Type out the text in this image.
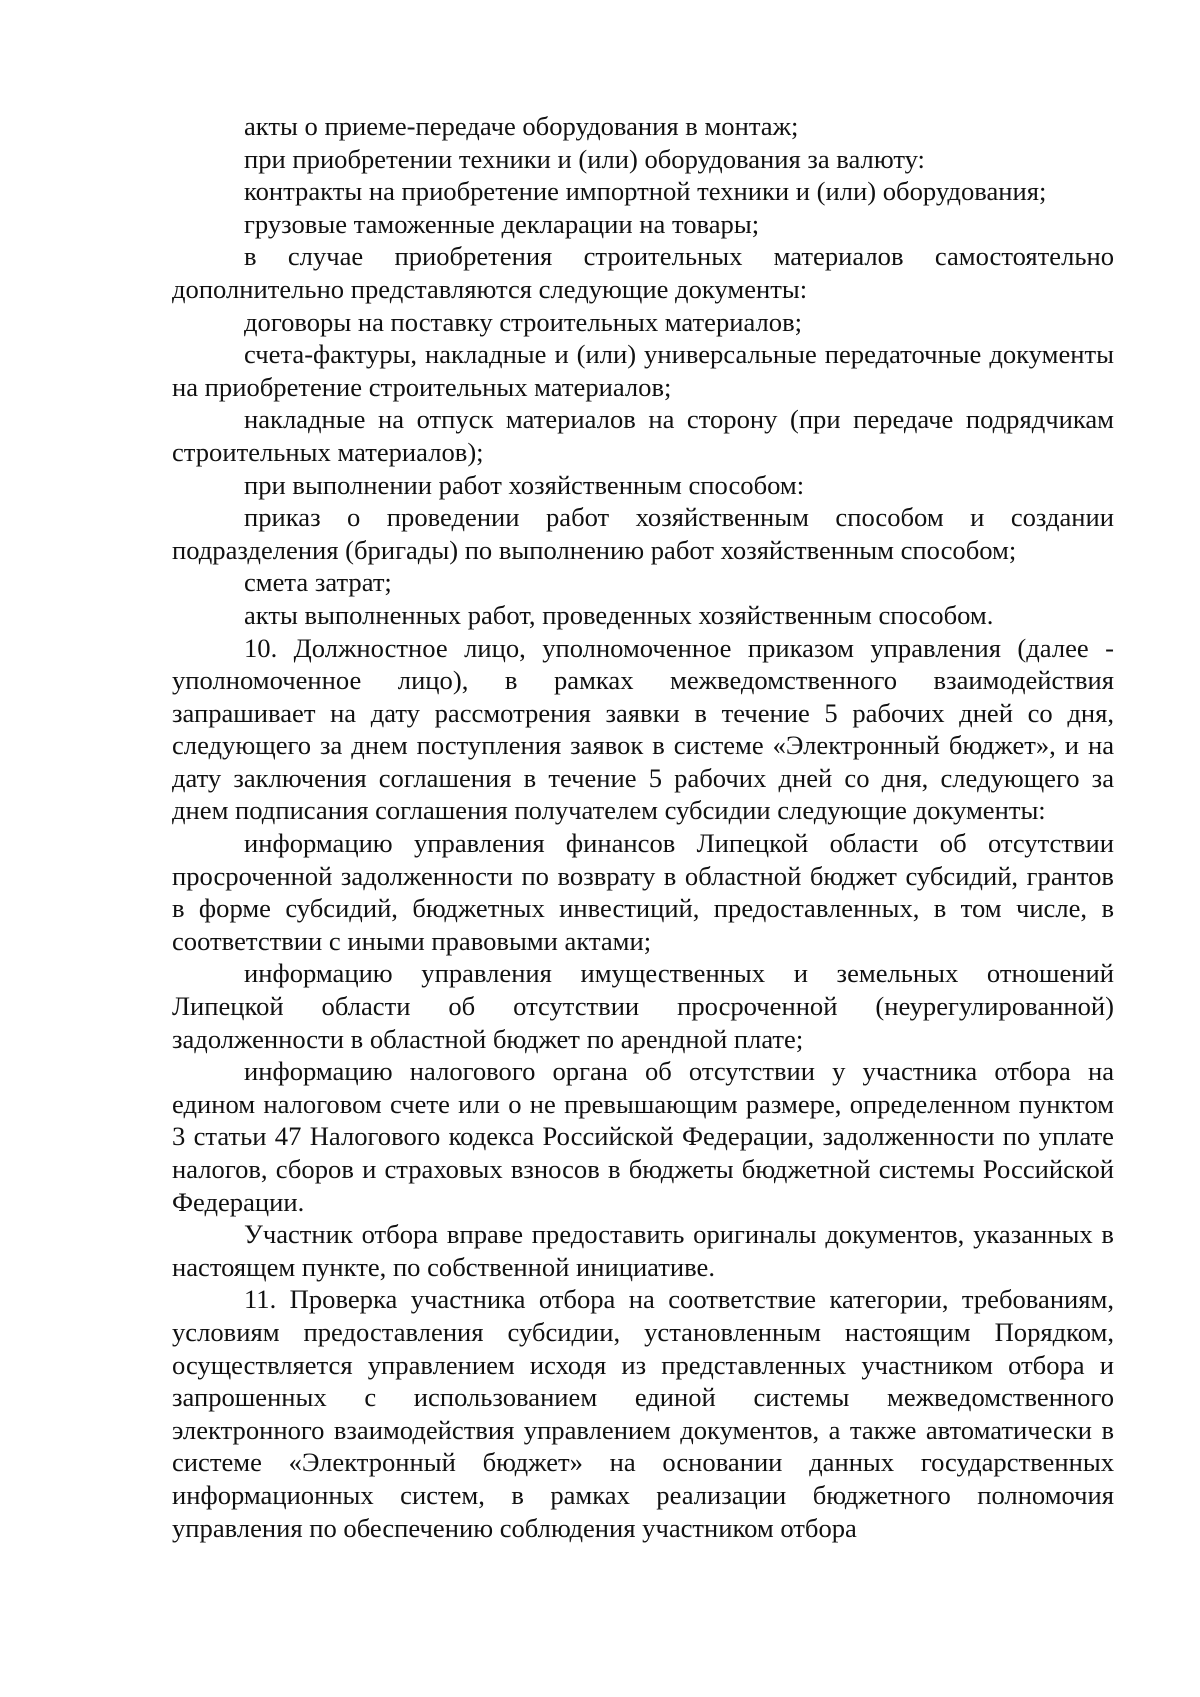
акты о приеме-передаче оборудования в монтаж;

при приобретении техники и (или) оборудования за валюту:

контракты на приобретение импортной техники и (или) оборудования;

грузовые таможенные декларации на товары;

в случае приобретения строительных материалов самостоятельно дополнительно представляются следующие документы:

договоры на поставку строительных материалов;

счета-фактуры, накладные и (или) универсальные передаточные документы на приобретение строительных материалов;

накладные на отпуск материалов на сторону (при передаче подрядчикам строительных материалов);

при выполнении работ хозяйственным способом:

приказ о проведении работ хозяйственным способом и создании подразделения (бригады) по выполнению работ хозяйственным способом;

смета затрат;

акты выполненных работ, проведенных хозяйственным способом.

10. Должностное лицо, уполномоченное приказом управления (далее - уполномоченное лицо), в рамках межведомственного взаимодействия запрашивает на дату рассмотрения заявки в течение 5 рабочих дней со дня, следующего за днем поступления заявок в системе «Электронный бюджет», и на дату заключения соглашения в течение 5 рабочих дней со дня, следующего за днем подписания соглашения получателем субсидии следующие документы:

информацию управления финансов Липецкой области об отсутствии просроченной задолженности по возврату в областной бюджет субсидий, грантов в форме субсидий, бюджетных инвестиций, предоставленных, в том числе, в соответствии с иными правовыми актами;

информацию управления имущественных и земельных отношений Липецкой области об отсутствии просроченной (неурегулированной) задолженности в областной бюджет по арендной плате;

информацию налогового органа об отсутствии у участника отбора на едином налоговом счете или о не превышающим размере, определенном пунктом 3 статьи 47 Налогового кодекса Российской Федерации, задолженности по уплате налогов, сборов и страховых взносов в бюджеты бюджетной системы Российской Федерации.

Участник отбора вправе предоставить оригиналы документов, указанных в настоящем пункте, по собственной инициативе.

11. Проверка участника отбора на соответствие категории, требованиям, условиям предоставления субсидии, установленным настоящим Порядком, осуществляется управлением исходя из представленных участником отбора и запрошенных с использованием единой системы межведомственного электронного взаимодействия управлением документов, а также автоматически в системе «Электронный бюджет» на основании данных государственных информационных систем, в рамках реализации бюджетного полномочия управления по обеспечению соблюдения участником отбора
